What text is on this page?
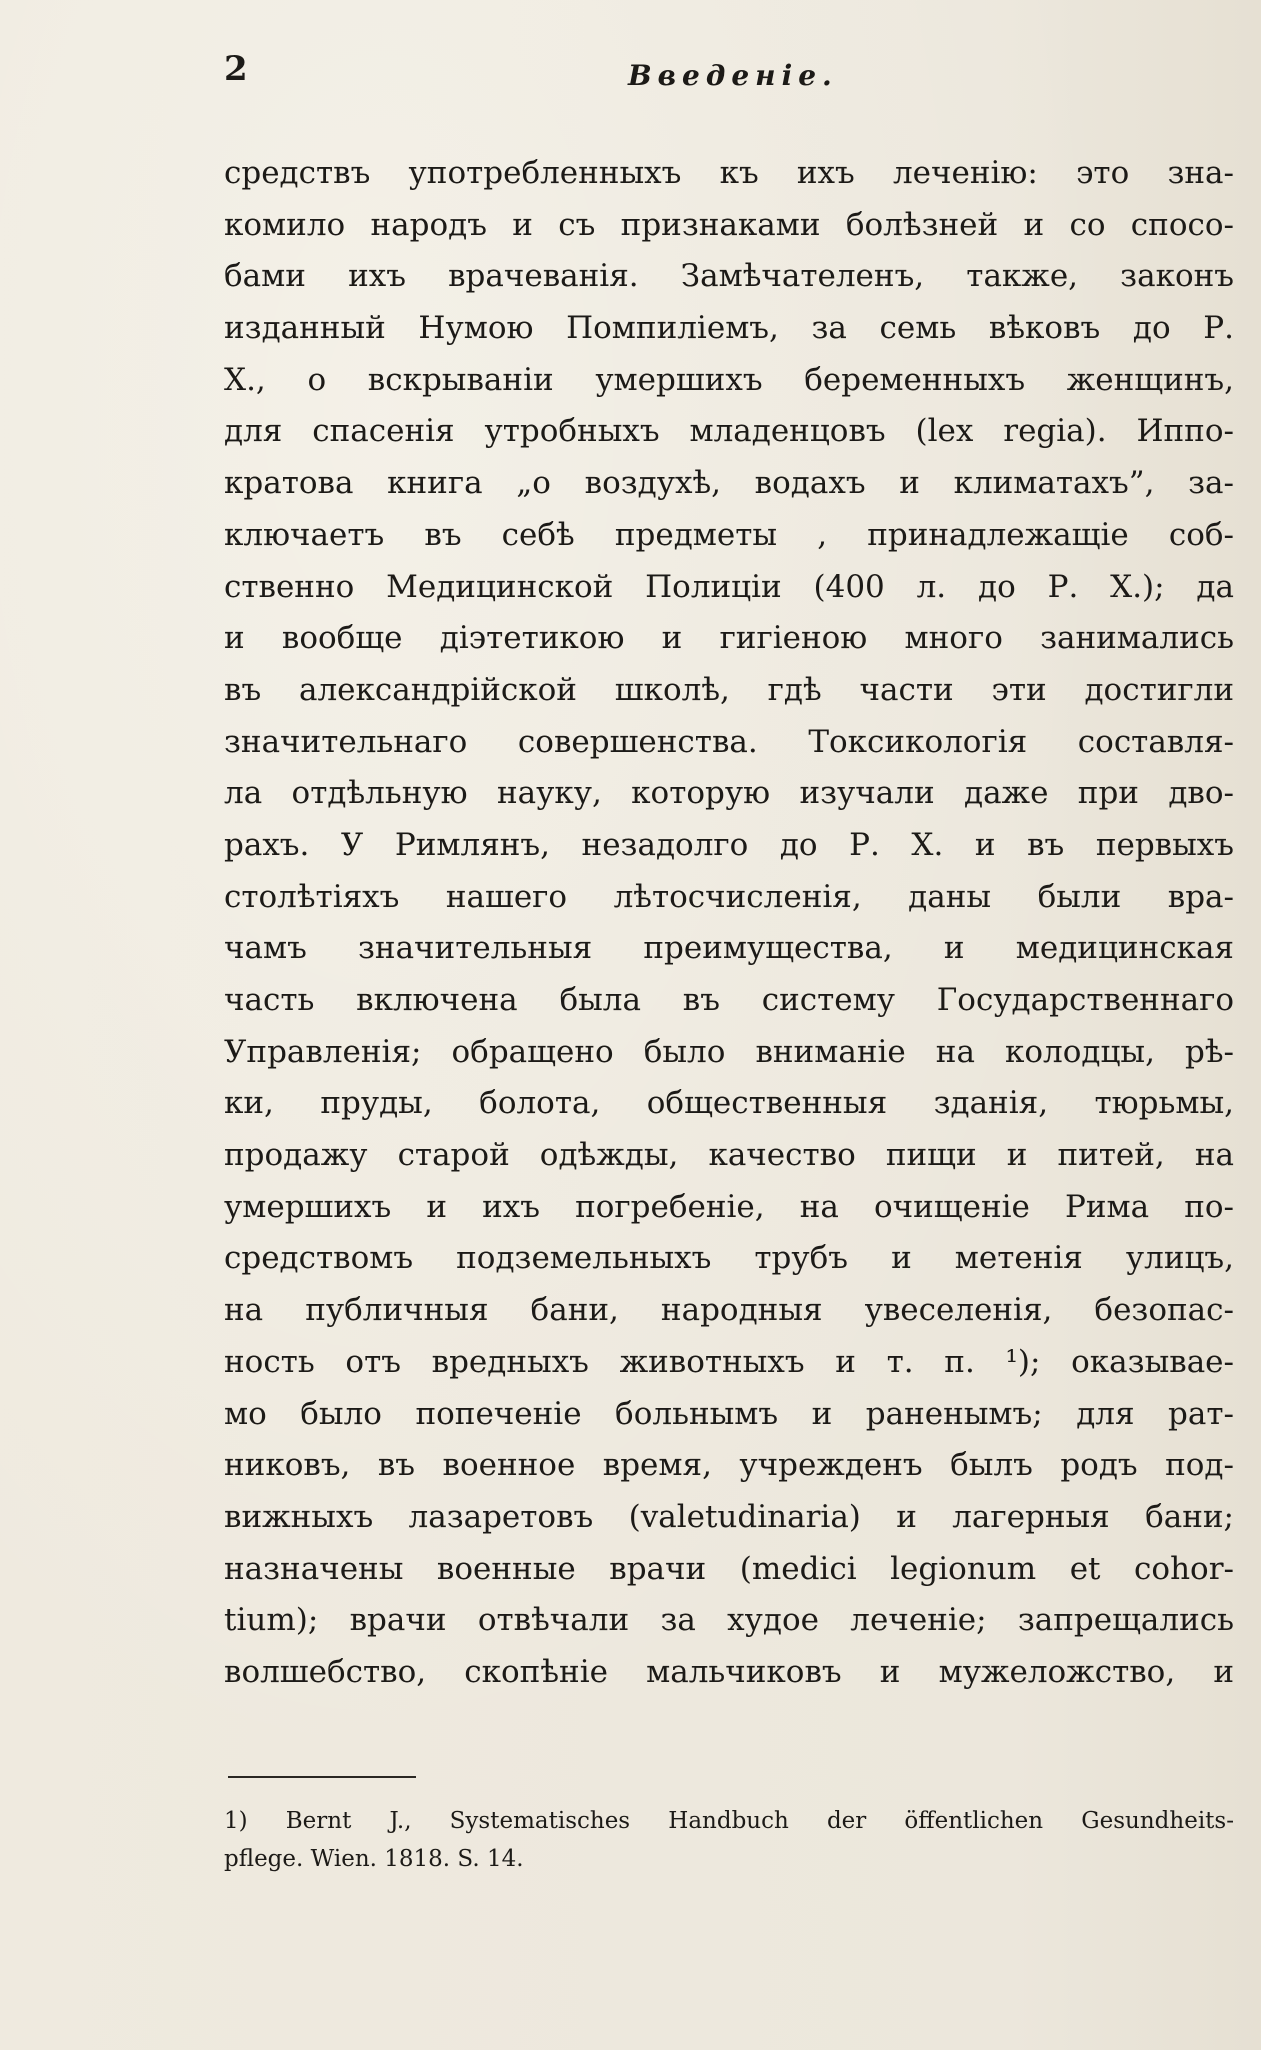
2	Введенiе.
средствъ употребленныхъ къ ихъ леченiю: это зна-
комило народъ и съ признаками болѣзней и со спосо-
бами ихъ врачеванiя. Замѣчателенъ, также, законъ
изданный Нумою Помпилiемъ, за семь вѣковъ до Р.
Х., о вскрыванiи умершихъ беременныхъ женщинъ,
для спасенiя утробныхъ младенцовъ (lex regia). Иппо-
кратова книга „о воздухѣ, водахъ и климатахъ”, за-
ключаетъ въ себѣ предметы , принадлежащiе соб-
ственно Медицинской Полицiи (400 л. до Р. Х.); да
и вообще дiэтетикою и гигiеною много занимались
въ александрiйской школѣ, гдѣ части эти достигли
значительнаго совершенства. Токсикологiя составля-
ла отдѣльную науку, которую изучали даже при дво-
рахъ. У Римлянъ, незадолго до Р. Х. и въ первыхъ
столѣтiяхъ нашего лѣтосчисленiя, даны были вра-
чамъ значительныя преимущества, и медицинская
часть включена была въ систему Государственнаго
Управленiя; обращено было вниманiе на колодцы, рѣ-
ки, пруды, болота, общественныя зданiя, тюрьмы,
продажу старой одѣжды, качество пищи и питей, на
умершихъ и ихъ погребенiе, на очищенiе Рима по-
средствомъ подземельныхъ трубъ и метенiя улицъ,
на публичныя бани, народныя увеселенiя, безопас-
ность отъ вредныхъ животныхъ и т. п. ¹); оказывае-
мо было попеченiе больнымъ и раненымъ; для рат-
никовъ, въ военное время, учрежденъ былъ родъ под-
вижныхъ лазаретовъ (valetudinaria) и лагерныя бани;
назначены военные врачи (medici legionum et cohor-
tium); врачи отвѣчали за худое леченiе; запрещались
волшебство, скопѣнiе мальчиковъ и мужеложство, и
1) Bernt J., Systematisches Handbuch der öffentlichen Gesundheits-
pflege. Wien. 1818. S. 14.
